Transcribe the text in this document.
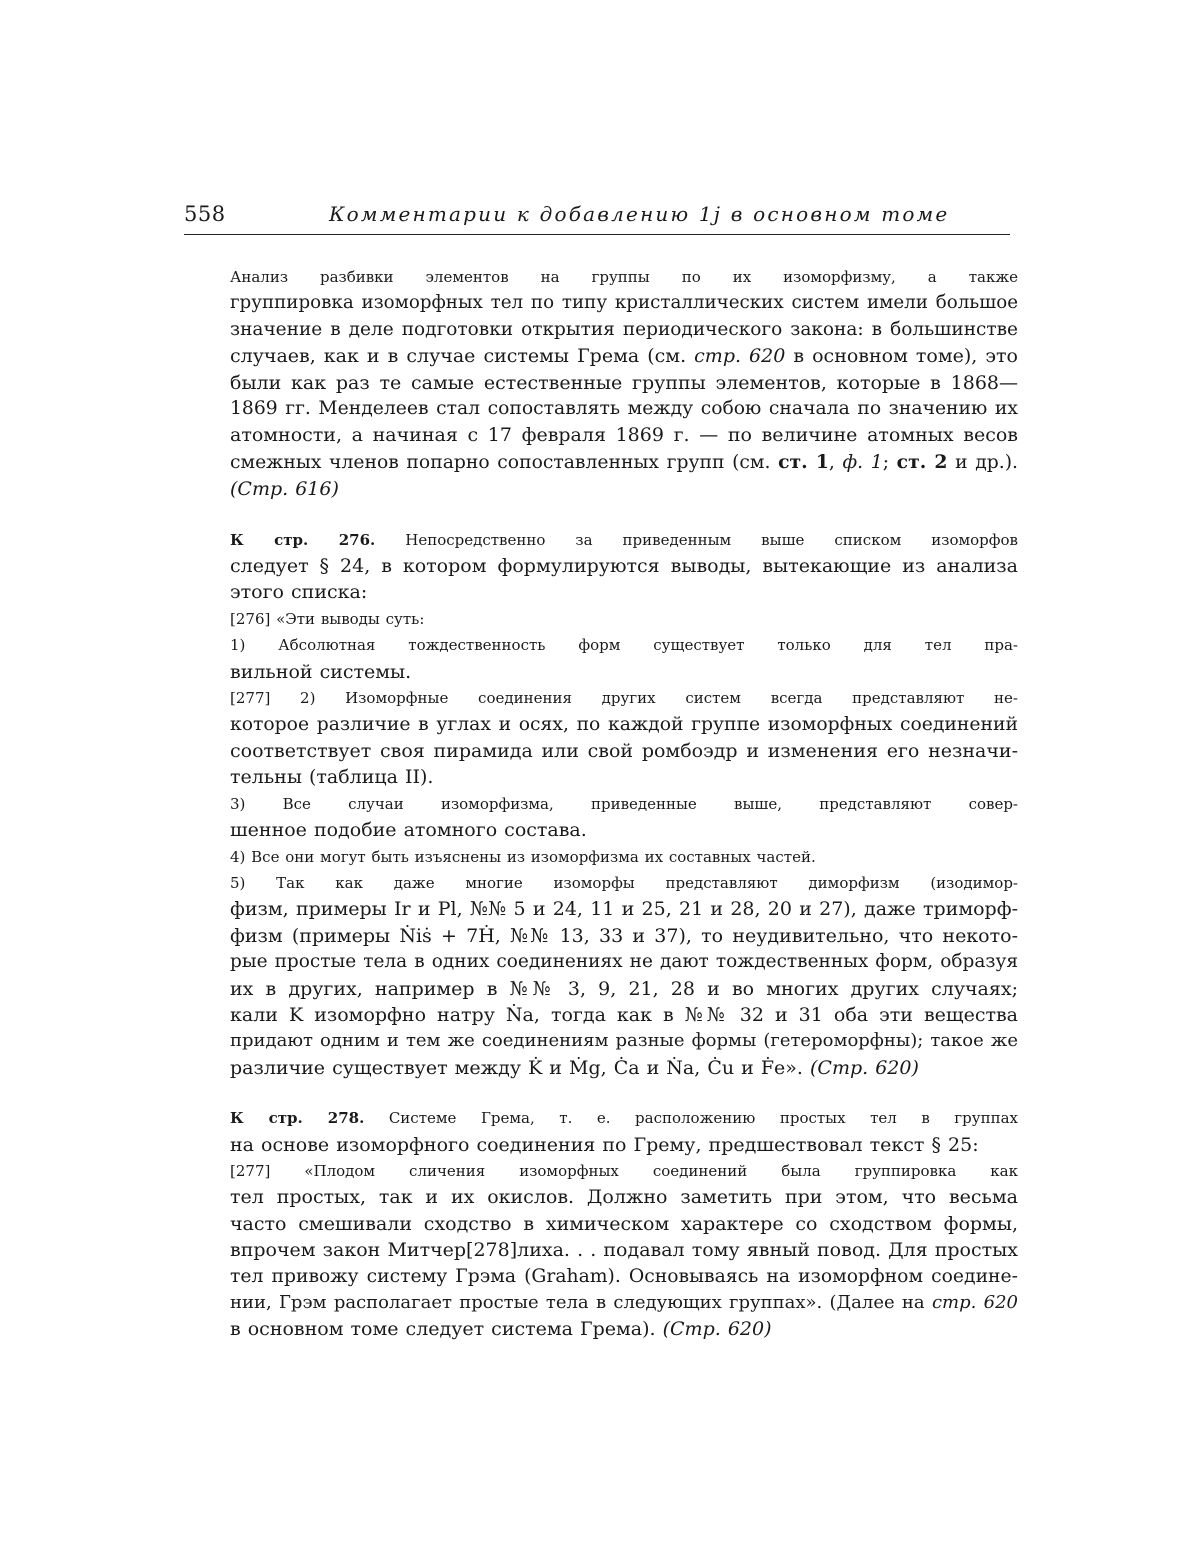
558	Комментарии к добавлению 1j в основном томе

Анализ разбивки элементов на группы по их изоморфизму, а также
группировка изоморфных тел по типу кристаллических систем имели большое
значение в деле подготовки открытия периодического закона: в большинстве
случаев, как и в случае системы Грема (см. стр. 620 в основном томе), это
были как раз те самые естественные группы элементов, которые в 1868—
1869 гг. Менделеев стал сопоставлять между собою сначала по значению их
атомности, а начиная с 17 февраля 1869 г. — по величине атомных весов
смежных членов попарно сопоставленных групп (см. ст. 1, ф. 1; ст. 2 и др.).
(Стр. 616)

К стр. 276. Непосредственно за приведенным выше списком изоморфов
следует § 24, в котором формулируются выводы, вытекающие из анализа
этого списка:

[276] «Эти выводы суть:

1) Абсолютная тождественность форм существует только для тел пра-
вильной системы.

[277] 2) Изоморфные соединения других систем всегда представляют не-
которое различие в углах и осях, по каждой группе изоморфных соединений
соответствует своя пирамида или свой ромбоэдр и изменения его незначи-
тельны (таблица II).

3) Все случаи изоморфизма, приведенные выше, представляют совер-
шенное подобие атомного состава.

4) Все они могут быть изъяснены из изоморфизма их составных частей.

5) Так как даже многие изоморфы представляют диморфизм (изодимор-
физм, примеры Ir и Pl, №№ 5 и 24, 11 и 25, 21 и 28, 20 и 27), даже триморф-
физм (примеры Ṅiṡ + 7Ḣ, №№ 13, 33 и 37), то неудивительно, что некото-
рые простые тела в одних соединениях не дают тождественных форм, образуя
их в других, например в №№ 3, 9, 21, 28 и во многих других случаях;
кали K изоморфно натру Ṅa, тогда как в №№ 32 и 31 оба эти вещества
придают одним и тем же соединениям разные формы (гетероморфны); такое же
различие существует между K̇ и Ṁg, Ċa и Ṅa, Ċu и Ḟe». (Стр. 620)

К стр. 278. Системе Грема, т. е. расположению простых тел в группах
на основе изоморфного соединения по Грему, предшествовал текст § 25:

[277] «Плодом сличения изоморфных соединений была группировка как
тел простых, так и их окислов. Должно заметить при этом, что весьма
часто смешивали сходство в химическом характере со сходством формы,
впрочем закон Митчер[278]лиха. . . подавал тому явный повод. Для простых
тел привожу систему Грэма (Graham). Основываясь на изоморфном соедине-
нии, Грэм располагает простые тела в следующих группах». (Далее на стр. 620
в основном томе следует система Грема). (Стр. 620)
